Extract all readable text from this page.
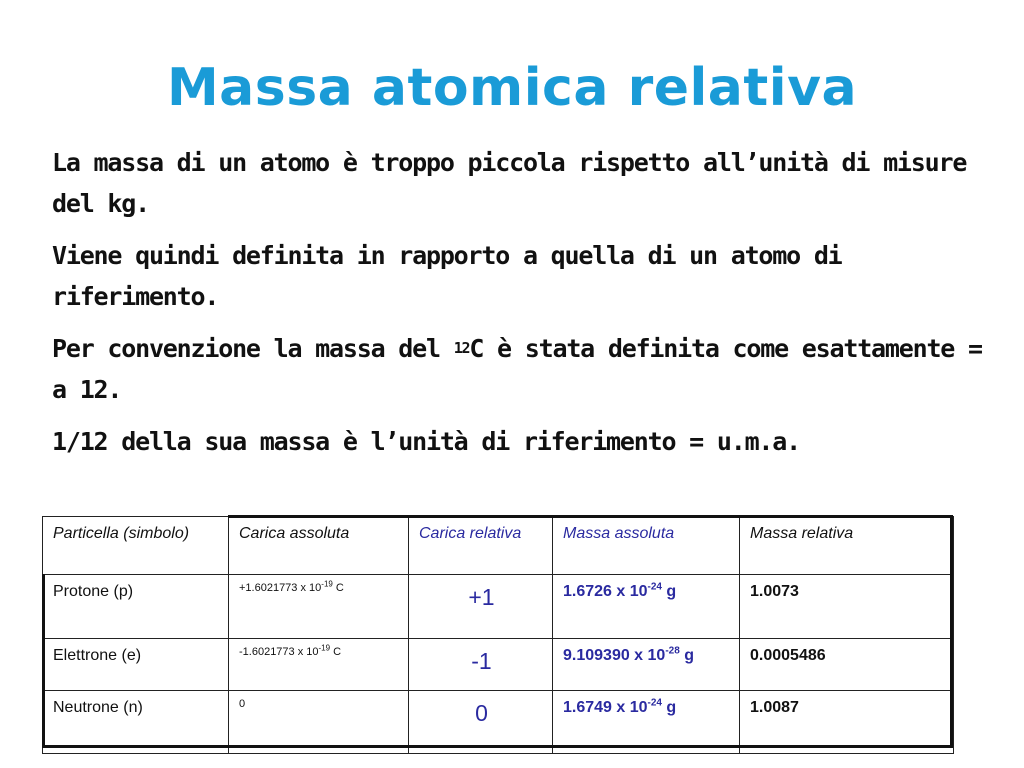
Massa atomica relativa

La massa di un atomo è troppo piccola rispetto all’unità di misure del kg.

Viene quindi definita in rapporto a quella di un atomo di riferimento.

Per convenzione la massa del $^{12}$C è stata definita come esattamente = a 12.

1/12 della sua massa è l’unità di riferimento = u.m.a.

Particella (simbolo)	Carica assoluta	Carica relativa	Massa assoluta	Massa relativa
Protone (p)	+1.6021773 x $10^{-19}$ C	+1	1.6726 x $10^{-24}$ g	1.0073
Elettrone (e)	-1.6021773 x $10^{-19}$ C	-1	9.109390 x $10^{-28}$ g	0.0005486
Neutrone (n)	0	0	1.6749 x $10^{-24}$ g	1.0087
